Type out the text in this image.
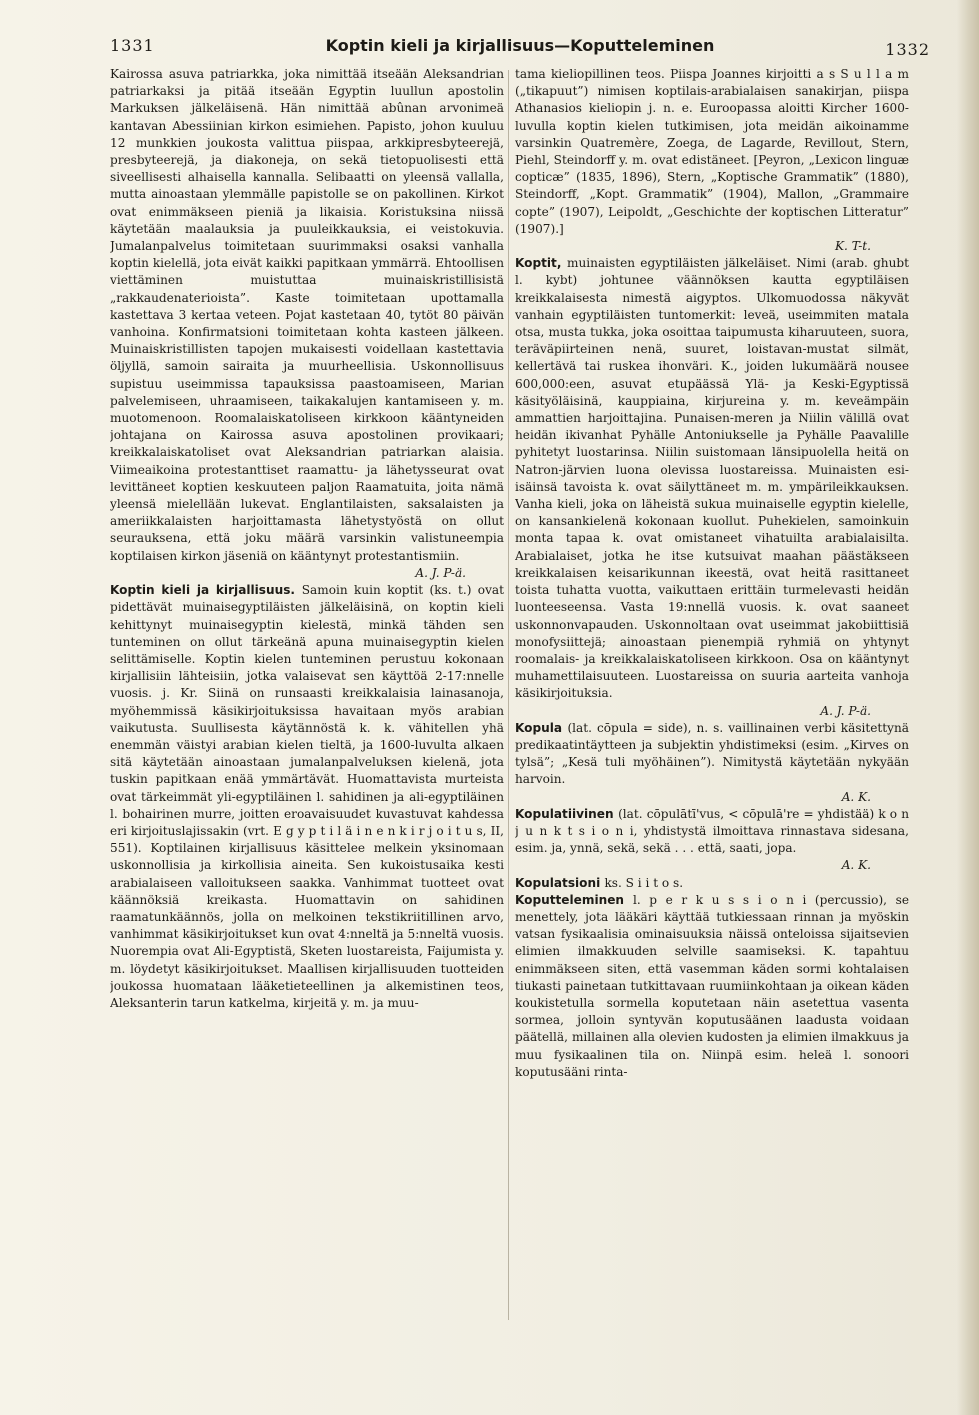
1331	Koptin kieli ja kirjallisuus—Koputteleminen	1332

Kairossa asuva patriarkka, joka nimittää itseään Aleksandrian patriarkaksi ja pitää itseään Egyptin luullun apostolin Markuksen jälkeläisenä. Hän nimittää abûnan arvonimeä kantavan Abessiinian kirkon esimiehen. Papisto, johon kuuluu 12 munkkien joukosta valittua piispaa, arkkipresbyteerejä, presbyteerejä, ja diakoneja, on sekä tietopuolisesti että siveellisesti alhaisella kannalla. Selibaatti on yleensä vallalla, mutta ainoastaan ylemmälle papistolle se on pakollinen. Kirkot ovat enimmäkseen pieniä ja likaisia. Koristuksina niissä käytetään maalauksia ja puuleikkauksia, ei veistokuvia. Jumalanpalvelus toimitetaan suurimmaksi osaksi vanhalla koptin kielellä, jota eivät kaikki papitkaan ymmärrä. Ehtoollisen viettäminen muistuttaa muinaiskristillisistä „rakkaudenaterioista”. Kaste toimitetaan upottamalla kastettava 3 kertaa veteen. Pojat kastetaan 40, tytöt 80 päivän vanhoina. Konfirmatsioni toimitetaan kohta kasteen jälkeen. Muinaiskristillisten tapojen mukaisesti voidellaan kastettavia öljyllä, samoin sairaita ja muurheellisia. Uskonnollisuus supistuu useimmissa tapauksissa paastoamiseen, Marian palvelemiseen, uhraamiseen, taikakalujen kantamiseen y. m. muotomenoon. Roomalaiskatoliseen kirkkoon kääntyneiden johtajana on Kairossa asuva apostolinen provikaari; kreikkalaiskatoliset ovat Aleksandrian patriarkan alaisia. Viimeaikoina protestanttiset raamattu- ja lähetysseurat ovat levittäneet koptien keskuuteen paljon Raamatuita, joita nämä yleensä mielellään lukevat. Englantilaisten, saksalaisten ja ameriikkalaisten harjoittamasta lähetystyöstä on ollut seurauksena, että joku määrä varsinkin valistuneempia koptilaisen kirkon jäseniä on kääntynyt protestantismiin.
A. J. P-ä.

Koptin kieli ja kirjallisuus. Samoin kuin koptit (ks. t.) ovat pidettävät muinaisegyptiläisten jälkeläisinä, on koptin kieli kehittynyt muinaisegyptin kielestä, minkä tähden sen tunteminen on ollut tärkeänä apuna muinaisegyptin kielen selittämiselle. Koptin kielen tunteminen perustuu kokonaan kirjallisiin lähteisiin, jotka valaisevat sen käyttöä 2-17:nnelle vuosis. j. Kr. Siinä on runsaasti kreikkalaisia lainasanoja, myöhemmissä käsikirjoituksissa havaitaan myös arabian vaikutusta. Suullisesta käytännöstä k. k. vähitellen yhä enemmän väistyi arabian kielen tieltä, ja 1600-luvulta alkaen sitä käytetään ainoastaan jumalanpalveluksen kielenä, jota tuskin papitkaan enää ymmärtävät. Huomattavista murteista ovat tärkeimmät yli-egyptiläinen l. sahidinen ja ali-egyptiläinen l. bohairinen murre, joitten eroavaisuudet kuvastuvat kahdessa eri kirjoituslajissakin (vrt. E g y p t i l ä i n e n k i r j o i t u s, II, 551). Koptilainen kirjallisuus käsittelee melkein yksinomaan uskonnollisia ja kirkollisia aineita. Sen kukoistusaika kesti arabialaiseen valloitukseen saakka. Vanhimmat tuotteet ovat käännöksiä kreikasta. Huomattavin on sahidinen raamatunkäännös, jolla on melkoinen tekstikriitillinen arvo, vanhimmat käsikirjoitukset kun ovat 4:nneltä ja 5:nneltä vuosis. Nuorempia ovat Ali-Egyptistä, Sketen luostareista, Faijumista y. m. löydetyt käsikirjoitukset. Maallisen kirjallisuuden tuotteiden joukossa huomataan lääketieteellinen ja alkemistinen teos, Aleksanterin tarun katkelma, kirjeitä y. m. ja muu-

tama kieliopillinen teos. Piispa Joannes kirjoitti a s S u l l a m („tikapuut”) nimisen koptilais-arabialaisen sanakirjan, piispa Athanasios kieliopin j. n. e. Euroopassa aloitti Kircher 1600-luvulla koptin kielen tutkimisen, jota meidän aikoinamme varsinkin Quatremère, Zoega, de Lagarde, Revillout, Stern, Piehl, Steindorff y. m. ovat edistäneet. [Peyron, „Lexicon linguæ copticæ” (1835, 1896), Stern, „Koptische Grammatik” (1880), Steindorff, „Kopt. Grammatik” (1904), Mallon, „Grammaire copte” (1907), Leipoldt, „Geschichte der koptischen Litteratur” (1907).]
K. T-t.

Koptit, muinaisten egyptiläisten jälkeläiset. Nimi (arab. ghubt l. kybt) johtunee väännöksen kautta egyptiläisen kreikkalaisesta nimestä aigyptos. Ulkomuodossa näkyvät vanhain egyptiläisten tuntomerkit: leveä, useimmiten matala otsa, musta tukka, joka osoittaa taipumusta kiharuuteen, suora, teräväpiirteinen nenä, suuret, loistavan-mustat silmät, kellertävä tai ruskea ihonväri. K., joiden lukumäärä nousee 600,000:een, asuvat etupäässä Ylä- ja Keski-Egyptissä käsityöläisinä, kauppiaina, kirjureina y. m. keveämpäin ammattien harjoittajina. Punaisen-meren ja Niilin välillä ovat heidän ikivanhat Pyhälle Antoniukselle ja Pyhälle Paavalille pyhitetyt luostarinsa. Niilin suistomaan länsipuolella heitä on Natron-järvien luona olevissa luostareissa. Muinaisten esi-isäinsä tavoista k. ovat säilyttäneet m. m. ympärileikkauksen. Vanha kieli, joka on läheistä sukua muinaiselle egyptin kielelle, on kansankielenä kokonaan kuollut. Puhekielen, samoinkuin monta tapaa k. ovat omistaneet vihatuilta arabialaisilta. Arabialaiset, jotka he itse kutsuivat maahan päästäkseen kreikkalaisen keisarikunnan ikeestä, ovat heitä rasittaneet toista tuhatta vuotta, vaikuttaen erittäin turmelevasti heidän luonteeseensa. Vasta 19:nnellä vuosis. k. ovat saaneet uskonnonvapauden. Uskonnoltaan ovat useimmat jakobiittisiä monofysiittejä; ainoastaan pienempiä ryhmiä on yhtynyt roomalais- ja kreikkalaiskatoliseen kirkkoon. Osa on kääntynyt muhamettilaisuuteen. Luostareissa on suuria aarteita vanhoja käsikirjoituksia.
A. J. P-ä.

Kopula (lat. cōpula = side), n. s. vaillinainen verbi käsitettynä predikaatintäytteen ja subjektin yhdistimeksi (esim. „Kirves on tylsä”; „Kesä tuli myöhäinen”). Nimitystä käytetään nykyään harvoin.
A. K.

Kopulatiivinen (lat. cōpulātī'vus, < cōpulā're = yhdistää) k o n j u n k t s i o n i, yhdistystä ilmoittava rinnastava sidesana, esim. ja, ynnä, sekä, sekä . . . että, saati, jopa.
A. K.

Kopulatsioni ks. S i i t o s.

Koputteleminen l. p e r k u s s i o n i (percussio), se menettely, jota lääkäri käyttää tutkiessaan rinnan ja myöskin vatsan fysikaalisia ominaisuuksia näissä onteloissa sijaitsevien elimien ilmakkuuden selville saamiseksi. K. tapahtuu enimmäkseen siten, että vasemman käden sormi kohtalaisen tiukasti painetaan tutkittavaan ruumiinkohtaan ja oikean käden koukistetulla sormella koputetaan näin asetettua vasenta sormea, jolloin syntyvän koputusäänen laadusta voidaan päätellä, millainen alla olevien kudosten ja elimien ilmakkuus ja muu fysikaalinen tila on. Niinpä esim. heleä l. sonoori koputusääni rinta-
